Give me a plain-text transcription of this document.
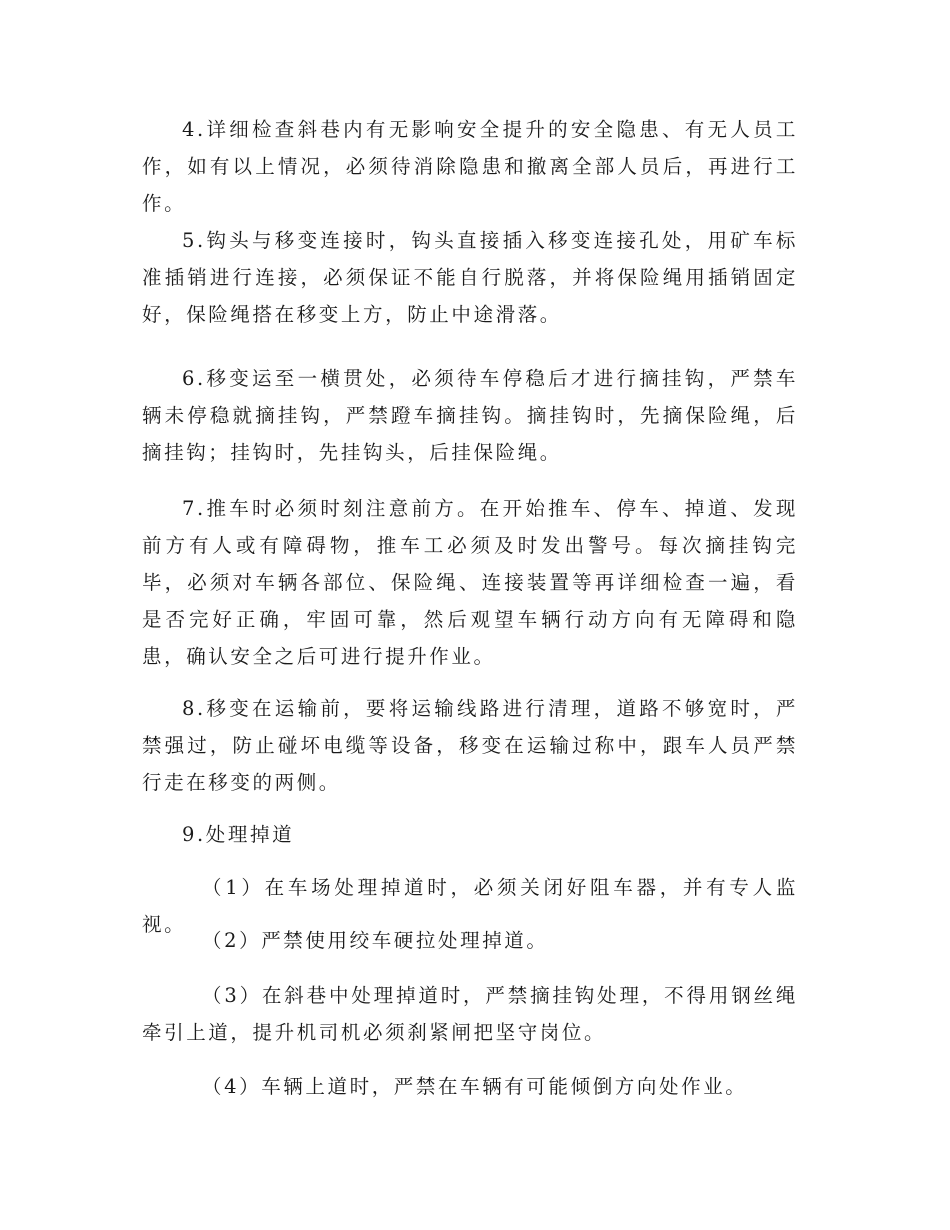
4.详细检查斜巷内有无影响安全提升的安全隐患、有无人员工作，如有以上情况，必须待消除隐患和撤离全部人员后，再进行工作。

5.钩头与移变连接时，钩头直接插入移变连接孔处，用矿车标准插销进行连接，必须保证不能自行脱落，并将保险绳用插销固定好，保险绳搭在移变上方，防止中途滑落。

6.移变运至一横贯处，必须待车停稳后才进行摘挂钩，严禁车辆未停稳就摘挂钩，严禁蹬车摘挂钩。摘挂钩时，先摘保险绳，后摘挂钩；挂钩时，先挂钩头，后挂保险绳。

7.推车时必须时刻注意前方。在开始推车、停车、掉道、发现前方有人或有障碍物，推车工必须及时发出警号。每次摘挂钩完毕，必须对车辆各部位、保险绳、连接装置等再详细检查一遍，看是否完好正确，牢固可靠，然后观望车辆行动方向有无障碍和隐患，确认安全之后可进行提升作业。

8.移变在运输前，要将运输线路进行清理，道路不够宽时，严禁强过，防止碰坏电缆等设备，移变在运输过称中，跟车人员严禁行走在移变的两侧。

9.处理掉道

（1）在车场处理掉道时，必须关闭好阻车器，并有专人监视。

（2）严禁使用绞车硬拉处理掉道。

（3）在斜巷中处理掉道时，严禁摘挂钩处理，不得用钢丝绳牵引上道，提升机司机必须刹紧闸把坚守岗位。

（4）车辆上道时，严禁在车辆有可能倾倒方向处作业。
